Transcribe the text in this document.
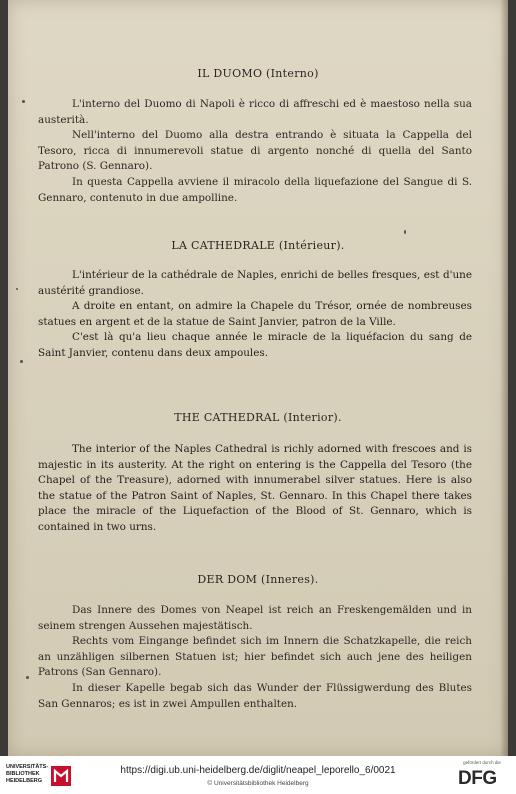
IL DUOMO (Interno)

L'interno del Duomo di Napoli è ricco di affreschi ed è maestoso nella sua austerità.

Nell'interno del Duomo alla destra entrando è situata la Cappella del Tesoro, ricca di innumerevoli statue di argento nonché di quella del Santo Patrono (S. Gennaro).

In questa Cappella avviene il miracolo della liquefazione del Sangue di S. Gennaro, contenuto in due ampolline.

LA CATHEDRALE (Intérieur).

L'intérieur de la cathédrale de Naples, enrichi de belles fresques, est d'une austérité grandiose.

A droite en entant, on admire la Chapele du Trésor, ornée de nombreuses statues en argent et de la statue de Saint Janvier, patron de la Ville.

C'est là qu'a lieu chaque année le miracle de la liquéfacion du sang de Saint Janvier, contenu dans deux ampoules.

THE CATHEDRAL (Interior).

The interior of the Naples Cathedral is richly adorned with frescoes and is majestic in its austerity. At the right on entering is the Cappella del Tesoro (the Chapel of the Treasure), adorned with innumerabel silver statues. Here is also the statue of the Patron Saint of Naples, St. Gennaro. In this Chapel there takes place the miracle of the Liquefaction of the Blood of St. Gennaro, which is contained in two urns.

DER DOM (Inneres).

Das Innere des Domes von Neapel ist reich an Freskengemälden und in seinem strengen Aussehen majestätisch.

Rechts vom Eingange befindet sich im Innern die Schatzkapelle, die reich an unzähligen silbernen Statuen ist; hier befindet sich auch jene des heiligen Patrons (San Gennaro).

In dieser Kapelle begab sich das Wunder der Flüssigwerdung des Blutes San Gennaros; es ist in zwei Ampullen enthalten.

UNIVERSITÄTS-
BIBLIOTHEK
HEIDELBERG
https://digi.ub.uni-heidelberg.de/diglit/neapel_leporello_6/0021
© Universitätsbibliothek Heidelberg
gefördert durch die
DFG
